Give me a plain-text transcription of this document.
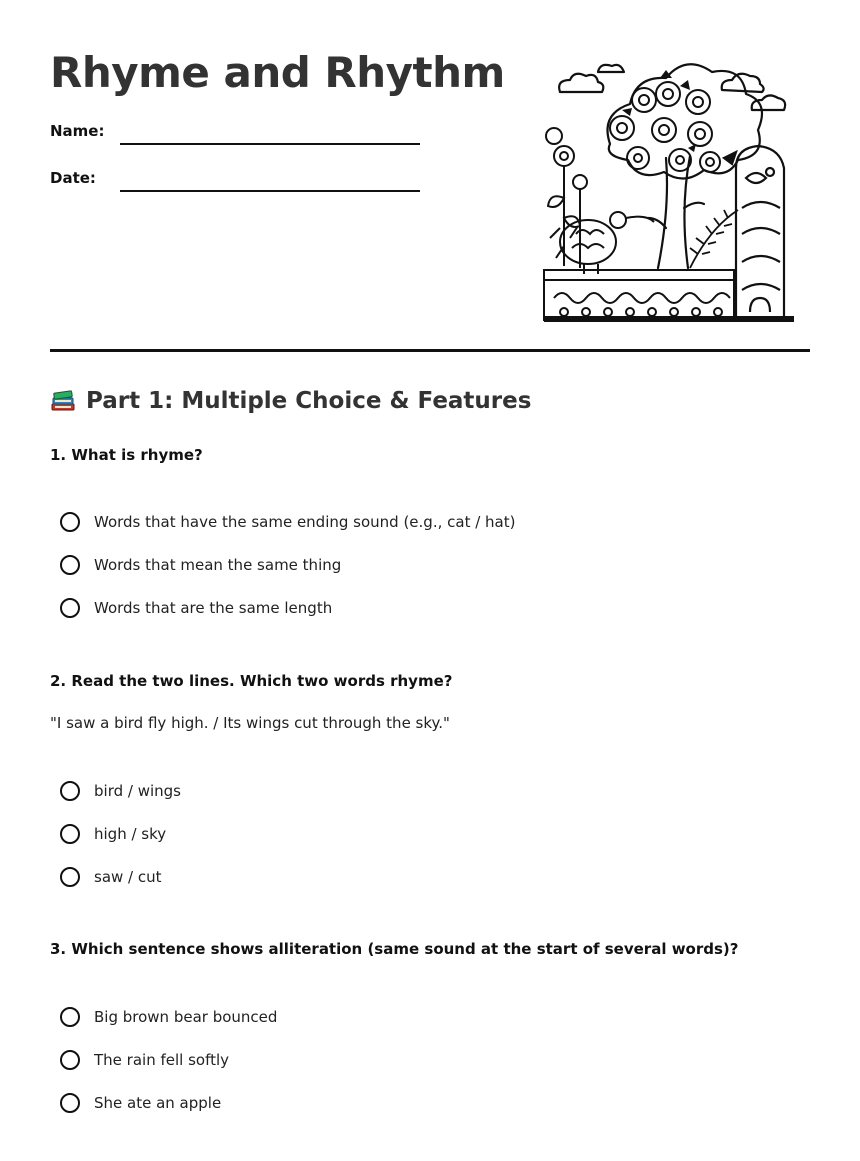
Rhyme and Rhythm
Name:
Date:
Part 1: Multiple Choice & Features

1. What is rhyme?

Words that have the same ending sound (e.g., cat / hat)
Words that mean the same thing
Words that are the same length

2. Read the two lines. Which two words rhyme?

"I saw a bird fly high. / Its wings cut through the sky."

bird / wings
high / sky
saw / cut

3. Which sentence shows alliteration (same sound at the start of several words)?

Big brown bear bounced
The rain fell softly
She ate an apple
